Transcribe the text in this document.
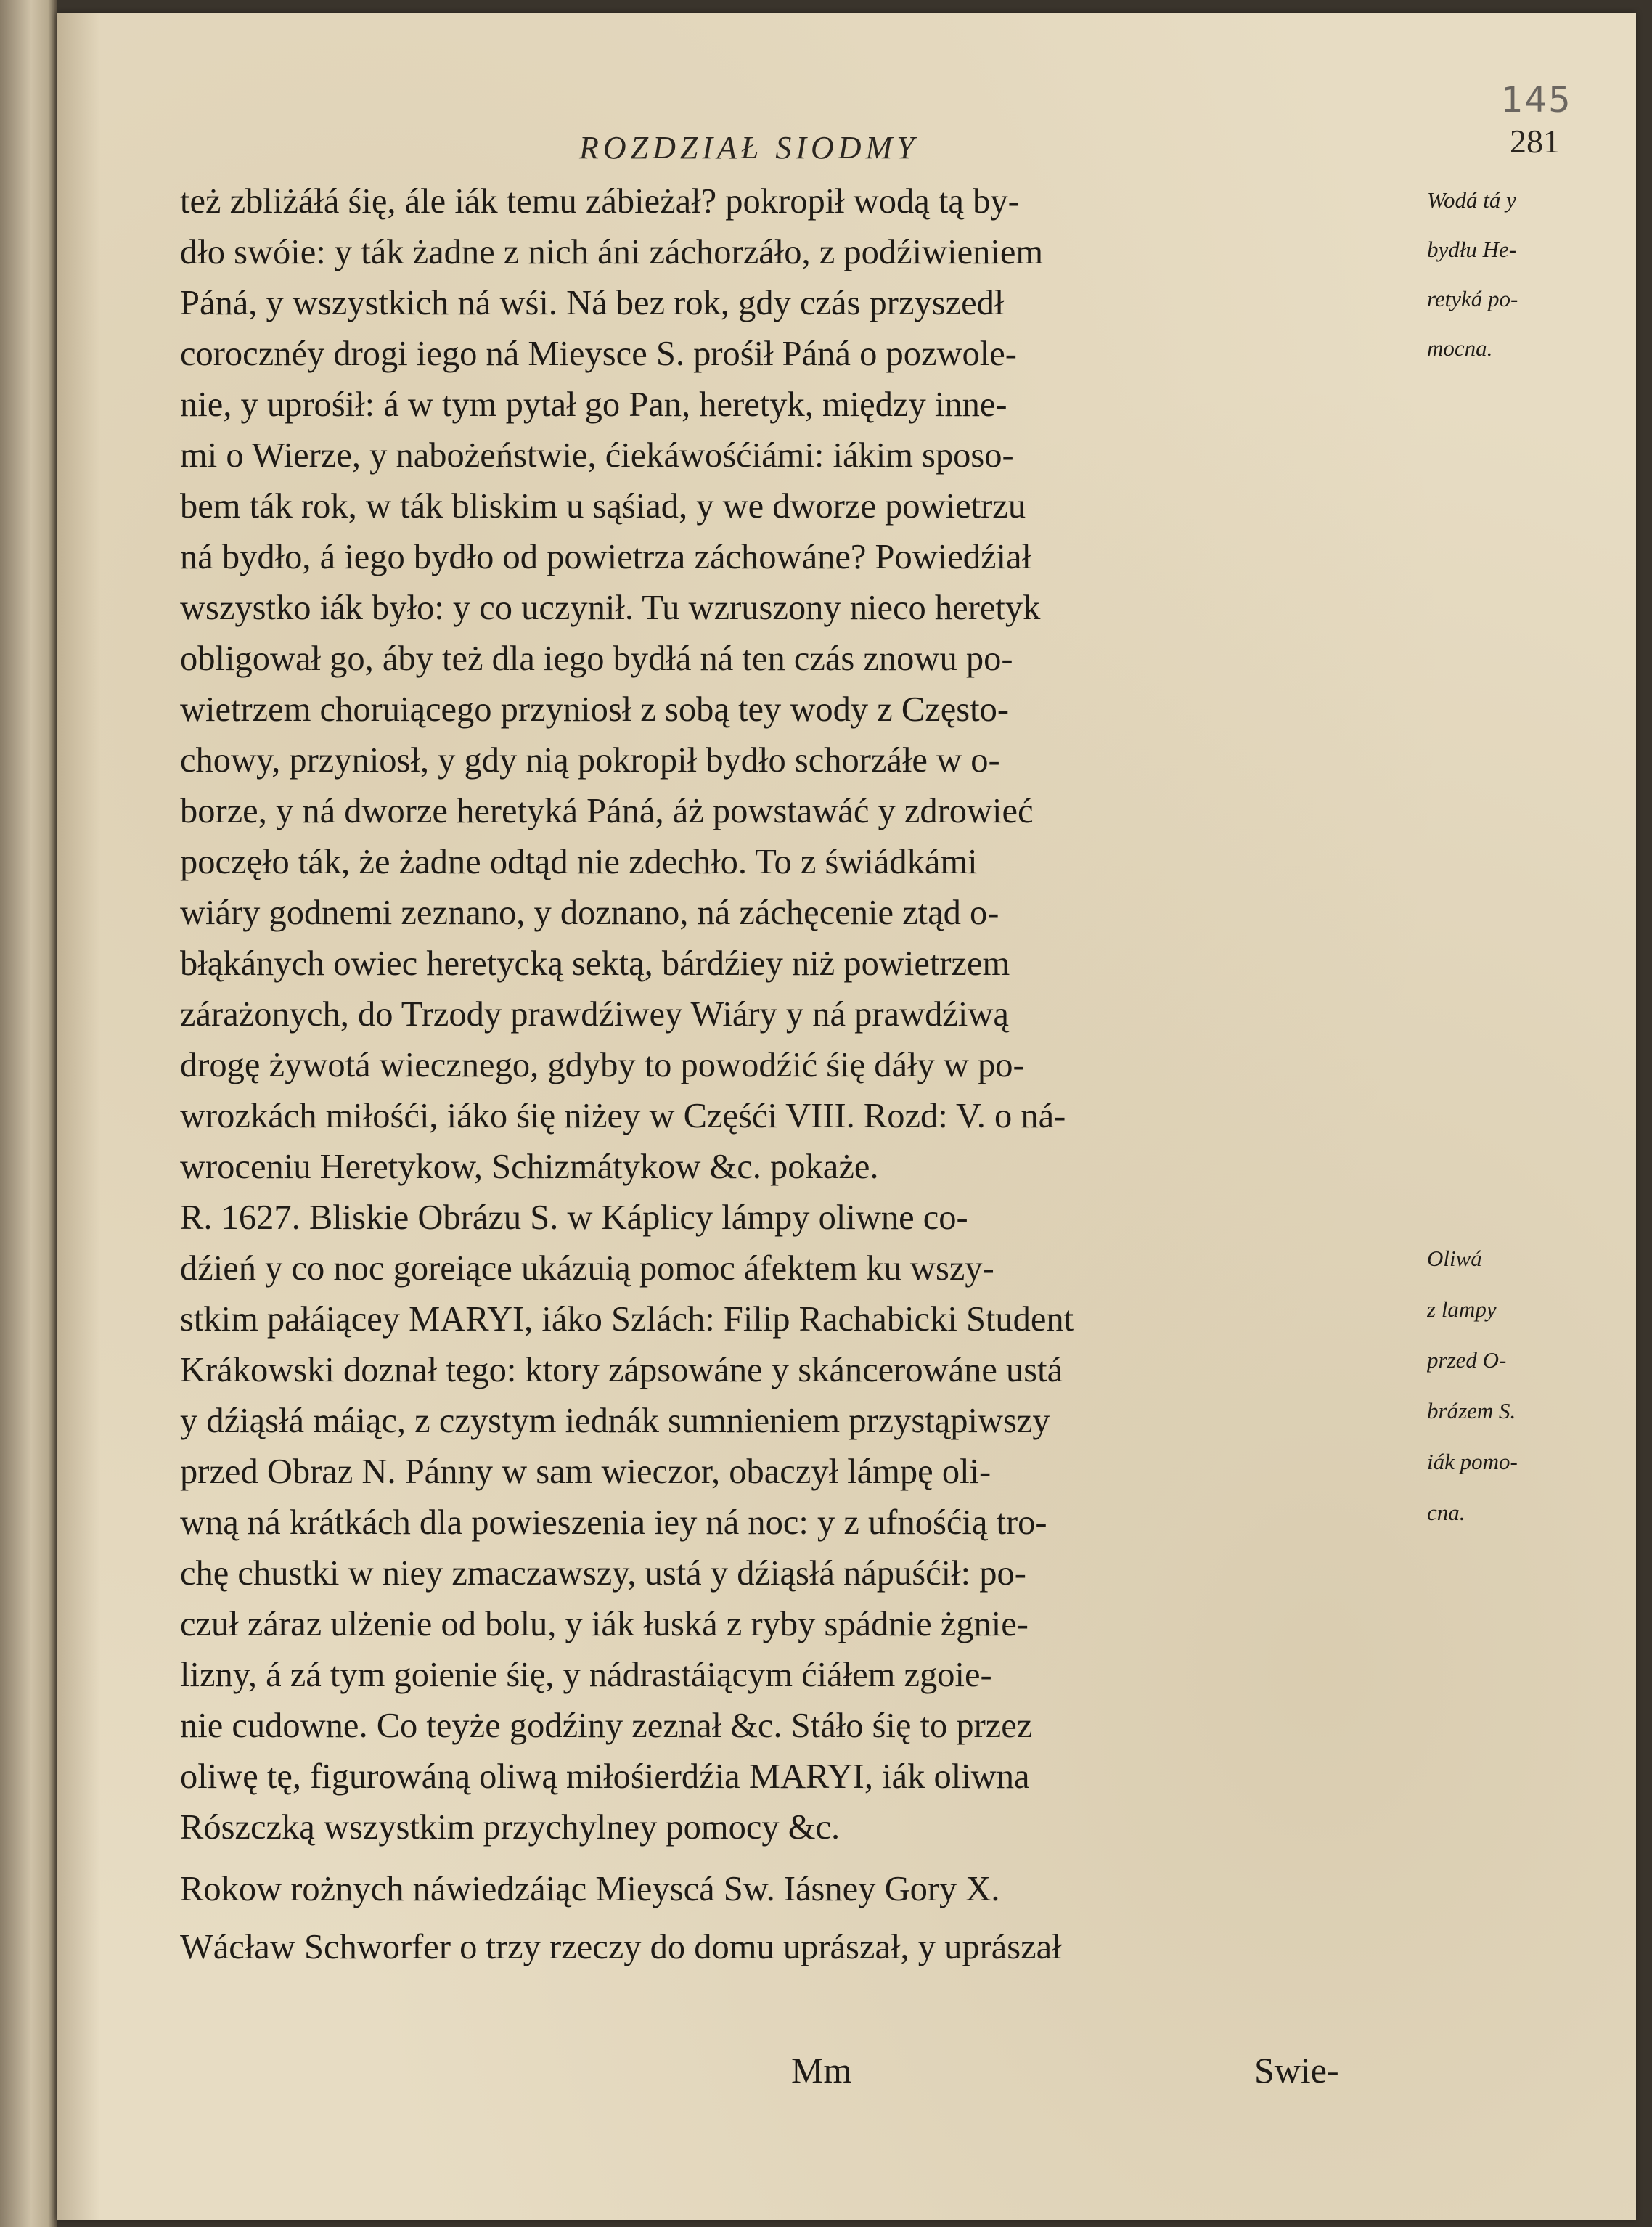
145
ROZDZIAŁ SIODMY	281
też zbliżáłá śię, ále iák temu zábieżał? pokropił wodą tą by-
dło swóie: y ták żadne z nich áni záchorzáło, z podźiwieniem
Páná, y wszystkich ná wśi. Ná bez rok, gdy czás przyszedł
corocznéy drogi iego ná Mieysce S. prośił Páná o pozwole-
nie, y uprośił: á w tym pytał go Pan, heretyk, między inne-
mi o Wierze, y nabożeństwie, ćiekáwośćiámi: iákim sposo-
bem ták rok, w ták bliskim u sąśiad, y we dworze powietrzu
ná bydło, á iego bydło od powietrza záchowáne? Powiedźiał
wszystko iák było: y co uczynił. Tu wzruszony nieco heretyk
obligował go, áby też dla iego bydłá ná ten czás znowu po-
wietrzem choruiącego przyniosł z sobą tey wody z Często-
chowy, przyniosł, y gdy nią pokropił bydło schorzáłe w o-
borze, y ná dworze heretyká Páná, áż powstawáć y zdrowieć
poczęło ták, że żadne odtąd nie zdechło. To z świádkámi
wiáry godnemi zeznano, y doznano, ná záchęcenie ztąd o-
błąkánych owiec heretycką sektą, bárdźiey niż powietrzem
zárażonych, do Trzody prawdźiwey Wiáry y ná prawdźiwą
drogę żywotá wiecznego, gdyby to powodźić śię dáły w po-
wrozkách miłośći, iáko śię niżey w Częśći VIII. Rozd: V. o ná-
wroceniu Heretykow, Schizmátykow &c. pokaże.
R. 1627. Bliskie Obrázu S. w Káplicy lámpy oliwne co-
dźień y co noc goreiące ukázuią pomoc áfektem ku wszy-
stkim pałáiącey MARYI, iáko Szlách: Filip Rachabicki Student
Krákowski doznał tego: ktory zápsowáne y skáncerowáne ustá
y dźiąsłá máiąc, z czystym iednák sumnieniem przystąpiwszy
przed Obraz N. Pánny w sam wieczor, obaczył lámpę oli-
wną ná krátkách dla powieszenia iey ná noc: y z ufnośćią tro-
chę chustki w niey zmaczawszy, ustá y dźiąsłá nápuśćił: po-
czuł záraz ulżenie od bolu, y iák łuská z ryby spádnie żgnie-
lizny, á zá tym goienie śię, y nádrastáiącym ćiáłem zgoie-
nie cudowne. Co teyże godźiny zeznał &c. Stáło śię to przez
oliwę tę, figurowáną oliwą miłośierdźia MARYI, iák oliwna
Rószczką wszystkim przychylney pomocy &c.
Rokow rożnych náwiedzáiąc Mieyscá Sw. Iásney Gory X.
Wácław Schworfer o trzy rzeczy do domu uprászał, y uprászał
Wodá tá y
bydłu He-
retyká po-
mocna.
Oliwá
z lampy
przed O-
brázem S.
iák pomo-
cna.
Mm	Swie-
